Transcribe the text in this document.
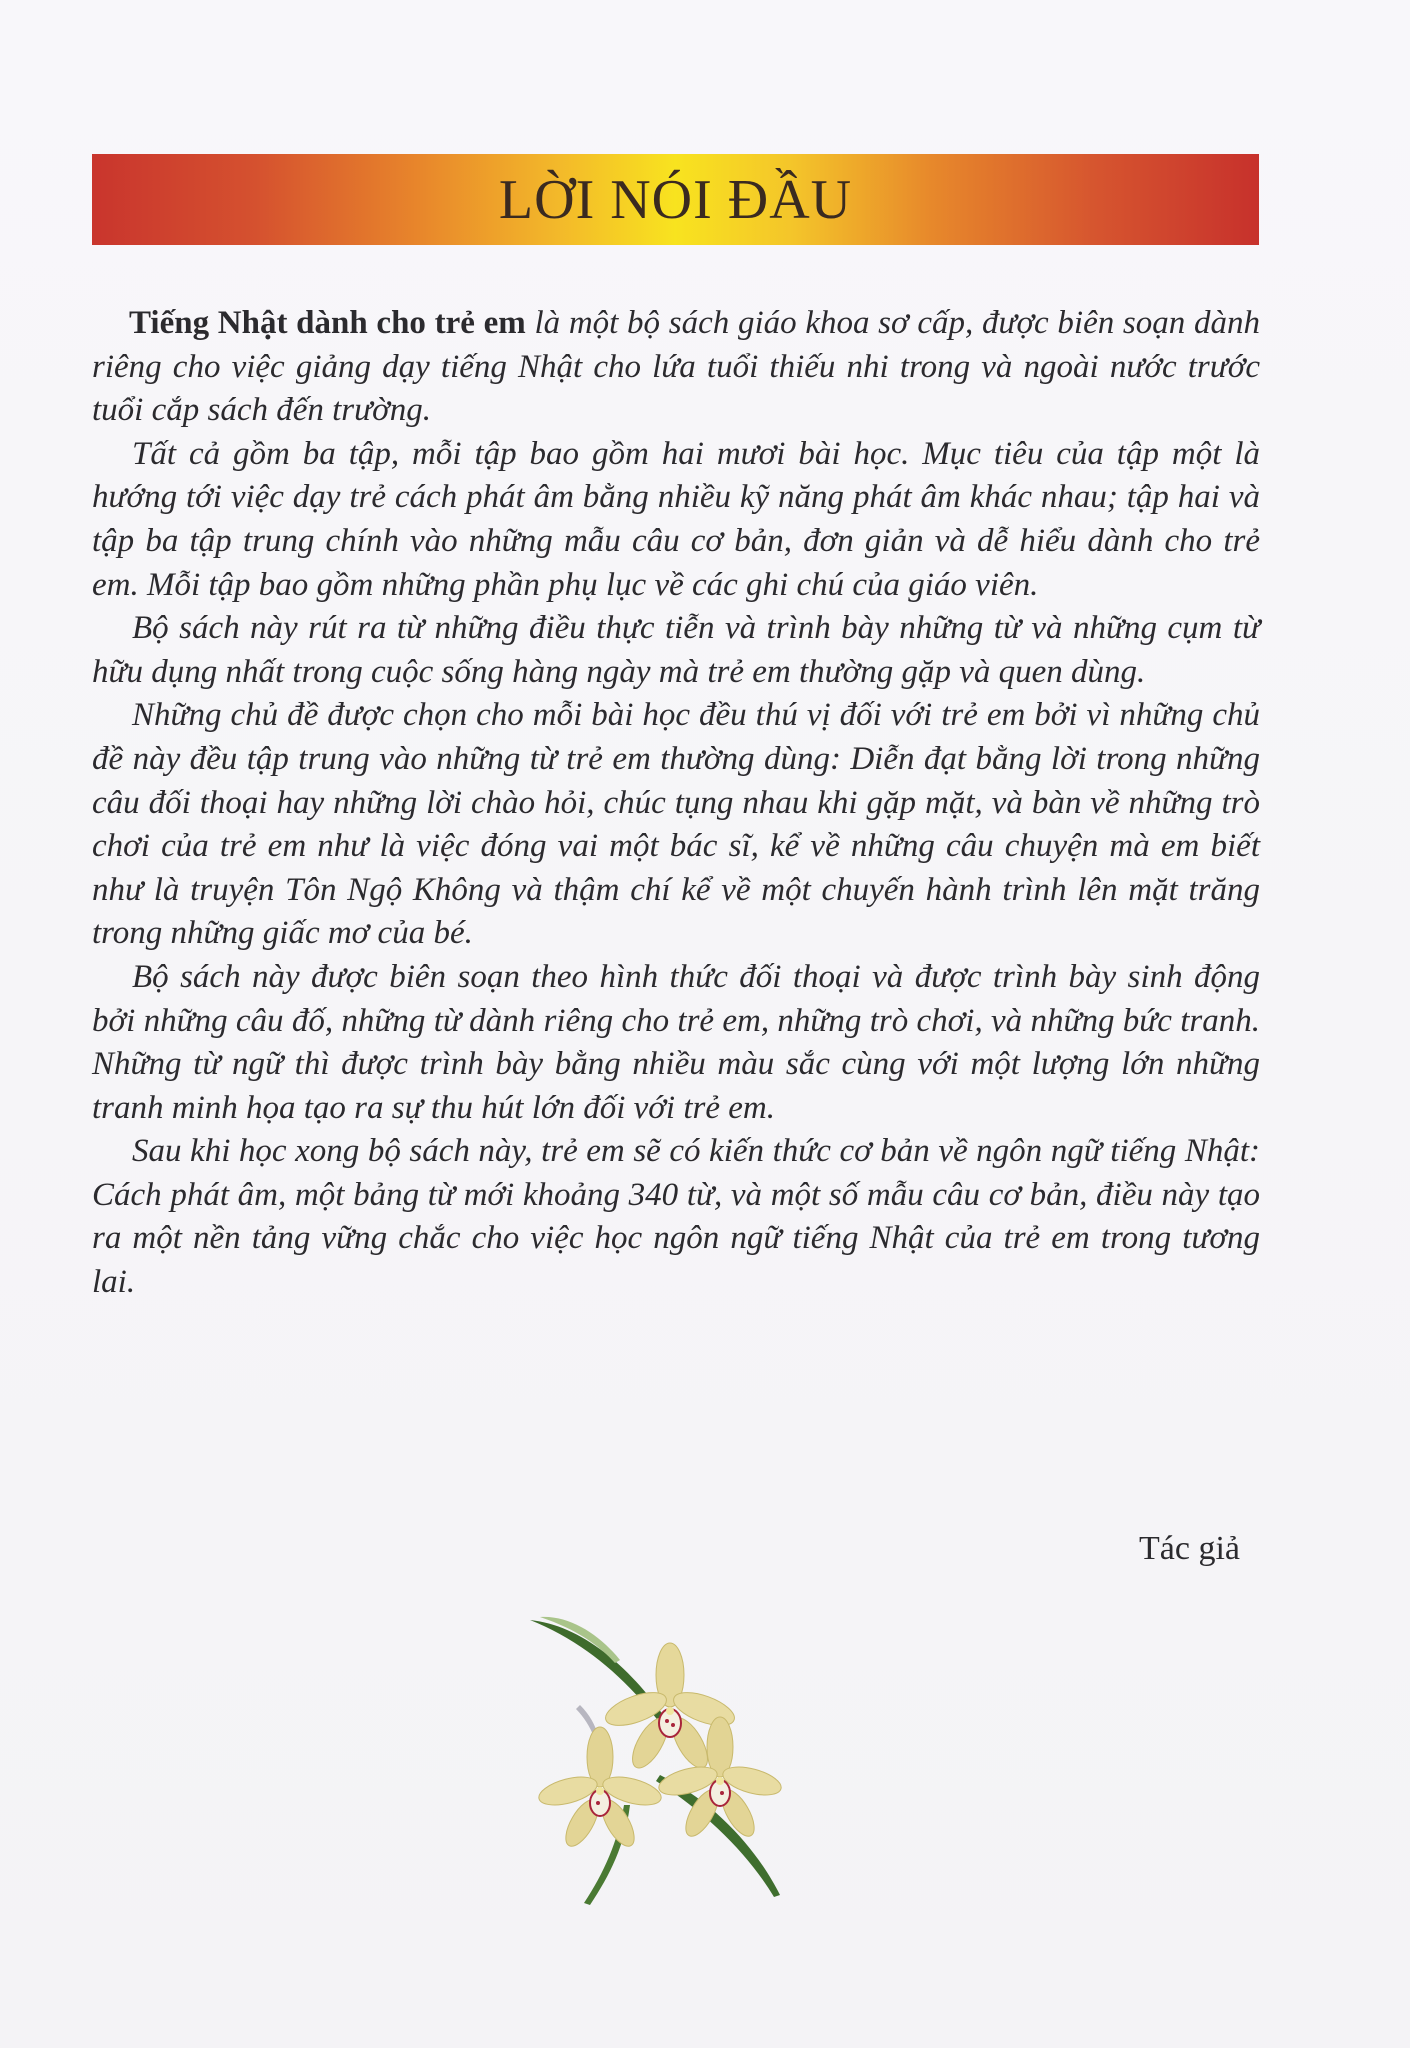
LỜI NÓI ĐẦU

Tiếng Nhật dành cho trẻ em là một bộ sách giáo khoa sơ cấp, được biên soạn dành riêng cho việc giảng dạy tiếng Nhật cho lứa tuổi thiếu nhi trong và ngoài nước trước tuổi cắp sách đến trường.

Tất cả gồm ba tập, mỗi tập bao gồm hai mươi bài học. Mục tiêu của tập một là hướng tới việc dạy trẻ cách phát âm bằng nhiều kỹ năng phát âm khác nhau; tập hai và tập ba tập trung chính vào những mẫu câu cơ bản, đơn giản và dễ hiểu dành cho trẻ em. Mỗi tập bao gồm những phần phụ lục về các ghi chú của giáo viên.

Bộ sách này rút ra từ những điều thực tiễn và trình bày những từ và những cụm từ hữu dụng nhất trong cuộc sống hàng ngày mà trẻ em thường gặp và quen dùng.

Những chủ đề được chọn cho mỗi bài học đều thú vị đối với trẻ em bởi vì những chủ đề này đều tập trung vào những từ trẻ em thường dùng: Diễn đạt bằng lời trong những câu đối thoại hay những lời chào hỏi, chúc tụng nhau khi gặp mặt, và bàn về những trò chơi của trẻ em như là việc đóng vai một bác sĩ, kể về những câu chuyện mà em biết như là truyện Tôn Ngộ Không và thậm chí kể về một chuyến hành trình lên mặt trăng trong những giấc mơ của bé.

Bộ sách này được biên soạn theo hình thức đối thoại và được trình bày sinh động bởi những câu đố, những từ dành riêng cho trẻ em, những trò chơi, và những bức tranh. Những từ ngữ thì được trình bày bằng nhiều màu sắc cùng với một lượng lớn những tranh minh họa tạo ra sự thu hút lớn đối với trẻ em.

Sau khi học xong bộ sách này, trẻ em sẽ có kiến thức cơ bản về ngôn ngữ tiếng Nhật: Cách phát âm, một bảng từ mới khoảng 340 từ, và một số mẫu câu cơ bản, điều này tạo ra một nền tảng vững chắc cho việc học ngôn ngữ tiếng Nhật của trẻ em trong tương lai.

Tác giả
